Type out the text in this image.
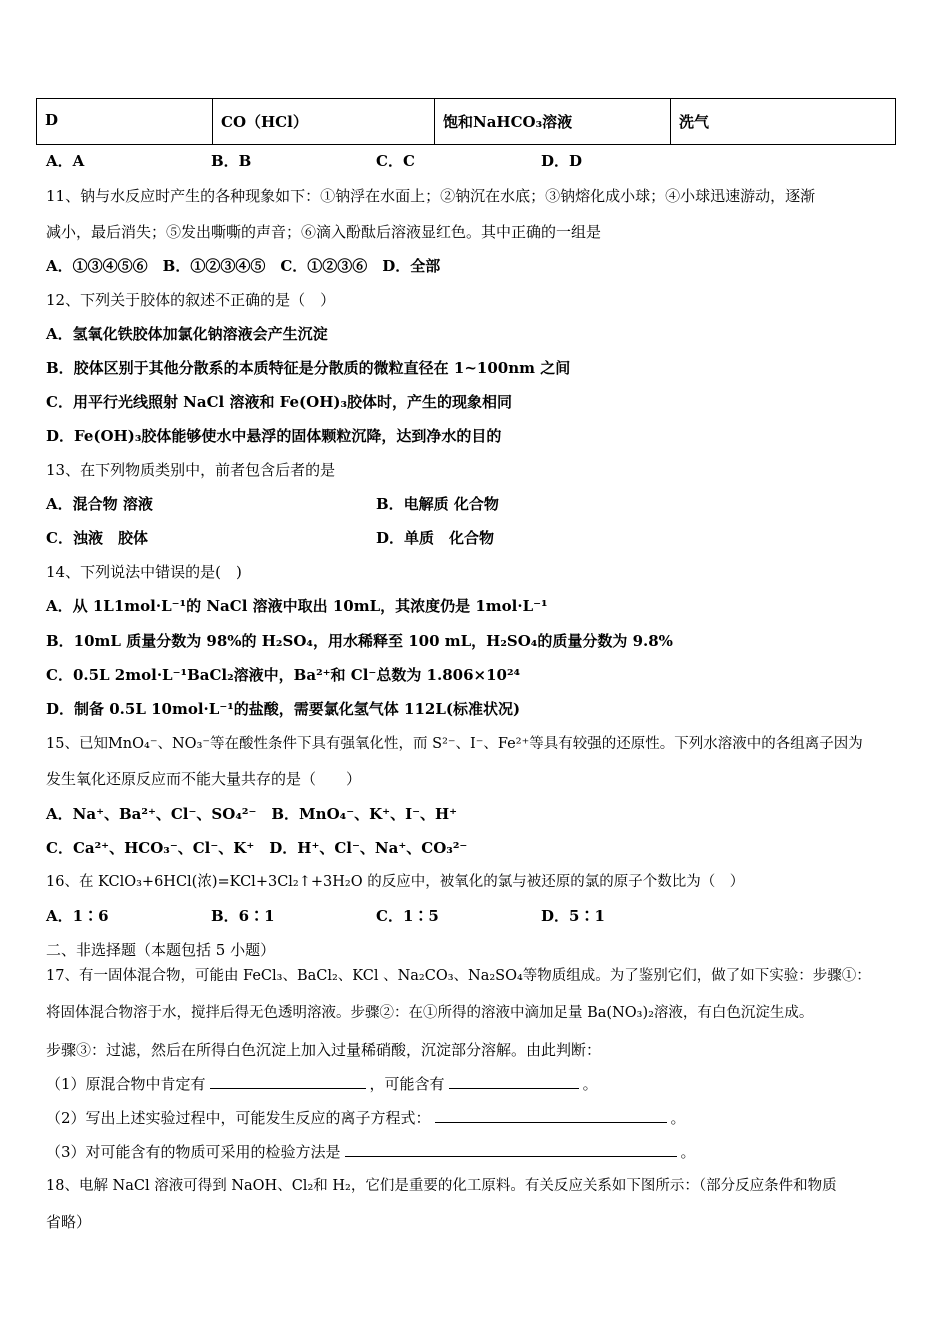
D	CO（HCl）	饱和NaHCO₃溶液	洗气
A．A	B．B	C．C	D．D
11、钠与水反应时产生的各种现象如下：①钠浮在水面上；②钠沉在水底；③钠熔化成小球；④小球迅速游动，逐渐
减小，最后消失；⑤发出嘶嘶的声音；⑥滴入酚酞后溶液显红色。其中正确的一组是
A．①③④⑤⑥　B．①②③④⑤　C．①②③⑥　D．全部
12、下列关于胶体的叙述不正确的是（　）
A．氢氧化铁胶体加氯化钠溶液会产生沉淀
B．胶体区别于其他分散系的本质特征是分散质的微粒直径在 1~100nm 之间
C．用平行光线照射 NaCl 溶液和 Fe(OH)₃胶体时，产生的现象相同
D．Fe(OH)₃胶体能够使水中悬浮的固体颗粒沉降，达到净水的目的
13、在下列物质类别中，前者包含后者的是
A．混合物 溶液	B．电解质 化合物
C．浊液　胶体	D．单质　化合物
14、下列说法中错误的是(　)
A．从 1L1mol·L⁻¹的 NaCl 溶液中取出 10mL，其浓度仍是 1mol·L⁻¹
B．10mL 质量分数为 98%的 H₂SO₄，用水稀释至 100 mL，H₂SO₄的质量分数为 9.8%
C．0.5L 2mol·L⁻¹BaCl₂溶液中，Ba²⁺和 Cl⁻总数为 1.806×10²⁴
D．制备 0.5L 10mol·L⁻¹的盐酸，需要氯化氢气体 112L(标准状况)
15、已知MnO₄⁻、NO₃⁻等在酸性条件下具有强氧化性，而 S²⁻、I⁻、Fe²⁺等具有较强的还原性。下列水溶液中的各组离子因为
发生氧化还原反应而不能大量共存的是（　　）
A．Na⁺、Ba²⁺、Cl⁻、SO₄²⁻　B．MnO₄⁻、K⁺、I⁻、H⁺
C．Ca²⁺、HCO₃⁻、Cl⁻、K⁺　D．H⁺、Cl⁻、Na⁺、CO₃²⁻
16、在 KClO₃+6HCl(浓)=KCl+3Cl₂↑+3H₂O 的反应中，被氧化的氯与被还原的氯的原子个数比为（　）
A．1∶6	B．6∶1	C．1∶5	D．5∶1
二、非选择题（本题包括 5 小题）
17、有一固体混合物，可能由 FeCl₃、BaCl₂、KCl 、Na₂CO₃、Na₂SO₄等物质组成。为了鉴别它们，做了如下实验：步骤①：
将固体混合物溶于水，搅拌后得无色透明溶液。步骤②：在①所得的溶液中滴加足量 Ba(NO₃)₂溶液，有白色沉淀生成。
步骤③：过滤，然后在所得白色沉淀上加入过量稀硝酸，沉淀部分溶解。由此判断：
（1）原混合物中肯定有	，可能含有	。
（2）写出上述实验过程中，可能发生反应的离子方程式：	。
（3）对可能含有的物质可采用的检验方法是	。
18、电解 NaCl 溶液可得到 NaOH、Cl₂和 H₂，它们是重要的化工原料。有关反应关系如下图所示：（部分反应条件和物质
省略）
